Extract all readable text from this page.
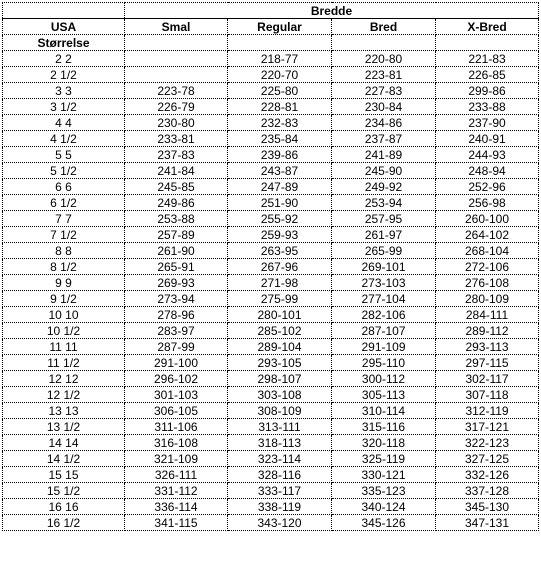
	Bredde			
USA	Smal	Regular	Bred	X-Bred
Størrelse				
2 2		218-77	220-80	221-83
2 1/2		220-70	223-81	226-85
3 3	223-78	225-80	227-83	299-86
3 1/2	226-79	228-81	230-84	233-88
4 4	230-80	232-83	234-86	237-90
4 1/2	233-81	235-84	237-87	240-91
5 5	237-83	239-86	241-89	244-93
5 1/2	241-84	243-87	245-90	248-94
6 6	245-85	247-89	249-92	252-96
6 1/2	249-86	251-90	253-94	256-98
7 7	253-88	255-92	257-95	260-100
7 1/2	257-89	259-93	261-97	264-102
8 8	261-90	263-95	265-99	268-104
8 1/2	265-91	267-96	269-101	272-106
9 9	269-93	271-98	273-103	276-108
9 1/2	273-94	275-99	277-104	280-109
10 10	278-96	280-101	282-106	284-111
10 1/2	283-97	285-102	287-107	289-112
11 11	287-99	289-104	291-109	293-113
11 1/2	291-100	293-105	295-110	297-115
12 12	296-102	298-107	300-112	302-117
12 1/2	301-103	303-108	305-113	307-118
13 13	306-105	308-109	310-114	312-119
13 1/2	311-106	313-111	315-116	317-121
14 14	316-108	318-113	320-118	322-123
14 1/2	321-109	323-114	325-119	327-125
15 15	326-111	328-116	330-121	332-126
15 1/2	331-112	333-117	335-123	337-128
16 16	336-114	338-119	340-124	345-130
16 1/2	341-115	343-120	345-126	347-131
